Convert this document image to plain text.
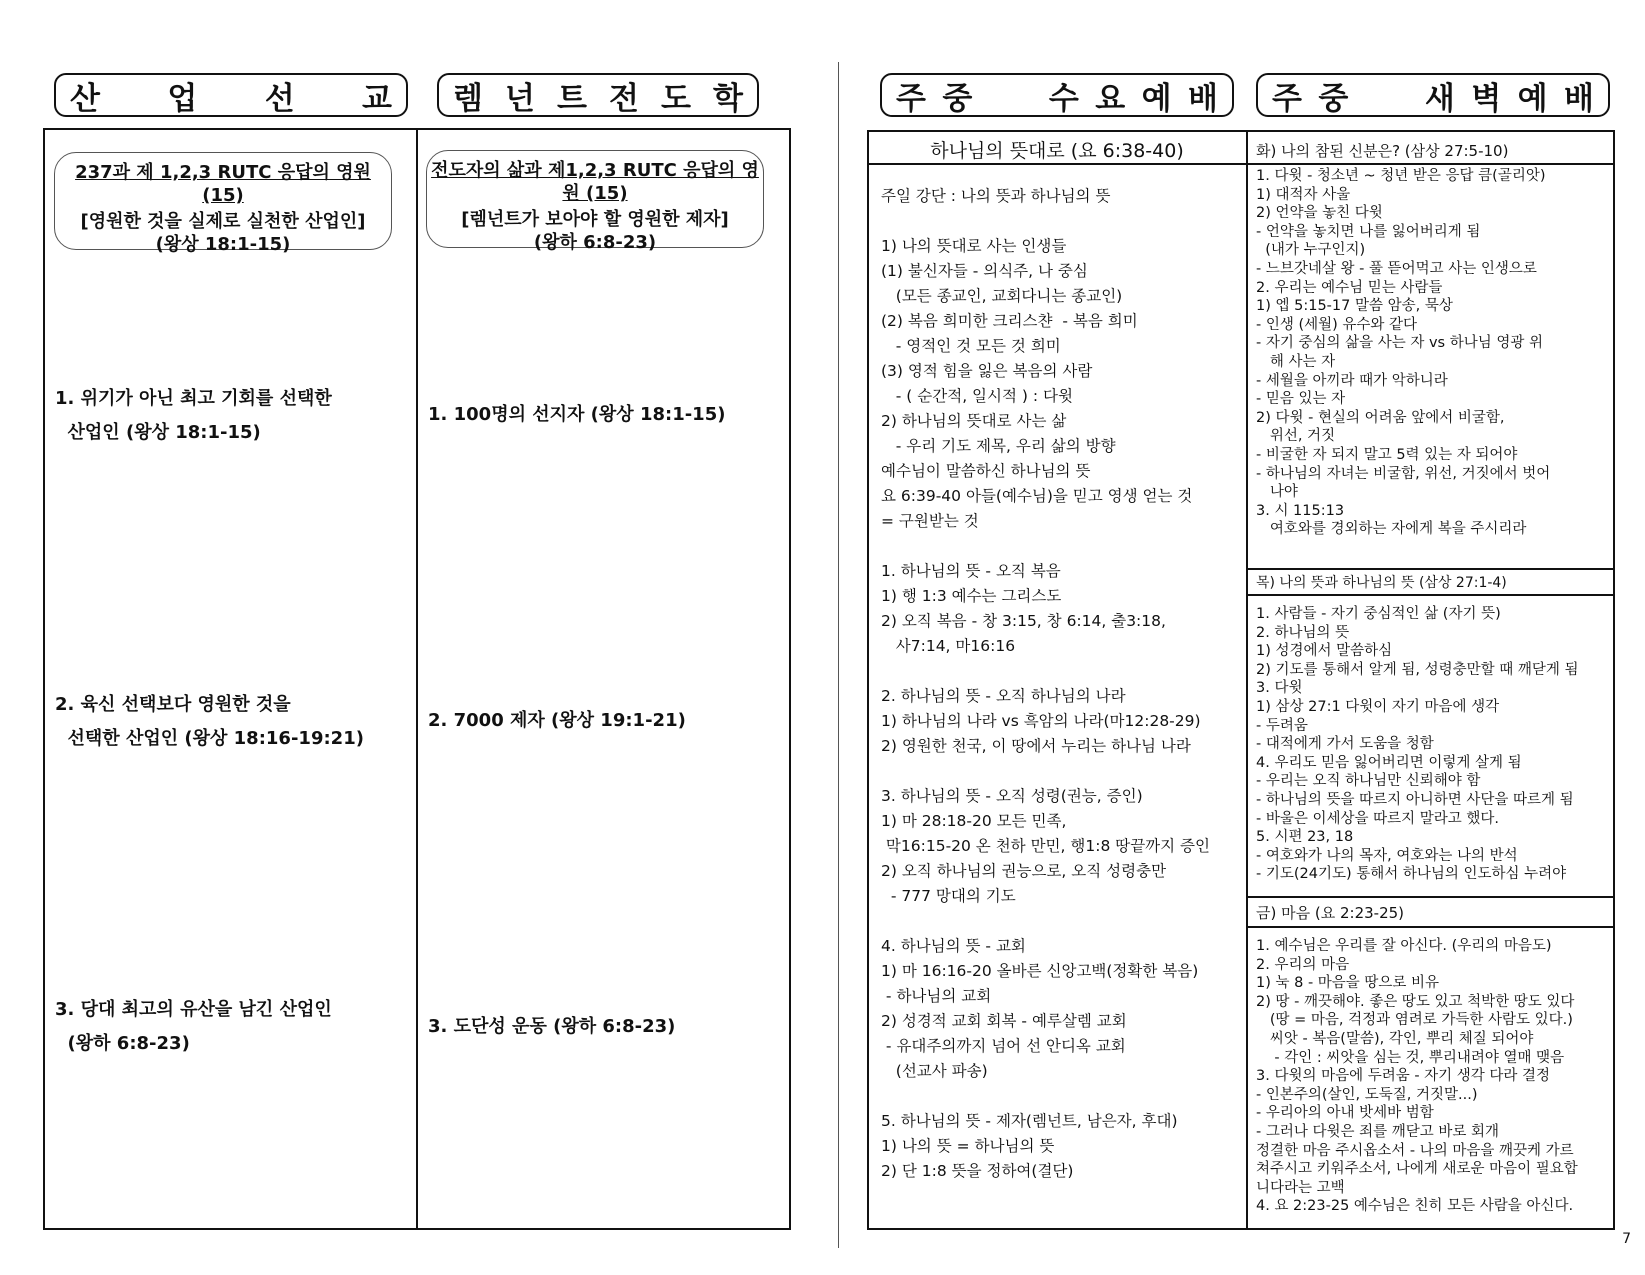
산 업 선 교 렘 넌 트 전 도 학	주 중 수 요 예 배 주 중 새 벽 예 배
237과 제 1,2,3 RUTC 응답의 영원 (15)
[영원한 것을 실제로 실천한 산업인]
(왕상 18:1-15)
전도자의 삶과 제1,2,3 RUTC 응답의 영원 (15)
[렘넌트가 보아야 할 영원한 제자]
(왕하 6:8-23)
1. 위기가 아닌 최고 기회를 선택한
산업인 (왕상 18:1-15)
2. 육신 선택보다 영원한 것을
선택한 산업인 (왕상 18:16-19:21)
3. 당대 최고의 유산을 남긴 산업인
(왕하 6:8-23)
1. 100명의 선지자 (왕상 18:1-15)
2. 7000 제자 (왕상 19:1-21)
3. 도단성 운동 (왕하 6:8-23)
하나님의 뜻대로 (요 6:38-40)
주일 강단 : 나의 뜻과 하나님의 뜻

1) 나의 뜻대로 사는 인생들
(1) 불신자들 - 의식주, 나 중심
(모든 종교인, 교회다니는 종교인)
(2) 복음 희미한 크리스챤  - 복음 희미
- 영적인 것 모든 것 희미
(3) 영적 힘을 잃은 복음의 사람
- ( 순간적, 일시적 ) : 다윗
2) 하나님의 뜻대로 사는 삶
- 우리 기도 제목, 우리 삶의 방향
예수님이 말씀하신 하나님의 뜻
요 6:39-40 아들(예수님)을 믿고 영생 얻는 것
= 구원받는 것

1. 하나님의 뜻 - 오직 복음
1) 행 1:3 예수는 그리스도
2) 오직 복음 - 창 3:15, 창 6:14, 출3:18,
사7:14, 마16:16

2. 하나님의 뜻 - 오직 하나님의 나라
1) 하나님의 나라 vs 흑암의 나라(마12:28-29)
2) 영원한 천국, 이 땅에서 누리는 하나님 나라

3. 하나님의 뜻 - 오직 성령(권능, 증인)
1) 마 28:18-20 모든 민족,
막16:15-20 온 천하 만민, 행1:8 땅끝까지 증인
2) 오직 하나님의 권능으로, 오직 성령충만
- 777 망대의 기도

4. 하나님의 뜻 - 교회
1) 마 16:16-20 올바른 신앙고백(정확한 복음)
- 하나님의 교회
2) 성경적 교회 회복 - 예루살렘 교회
- 유대주의까지 넘어 선 안디옥 교회
(선교사 파송)

5. 하나님의 뜻 - 제자(렘넌트, 남은자, 후대)
1) 나의 뜻 = 하나님의 뜻
2) 단 1:8 뜻을 정하여(결단)
화) 나의 참된 신분은? (삼상 27:5-10)
1. 다윗 - 청소년 ~ 청년 받은 응답 큼(골리앗)
1) 대적자 사울
2) 언약을 놓친 다윗
- 언약을 놓치면 나를 잃어버리게 됨
(내가 누구인지)
- 느브갓네살 왕 - 풀 뜯어먹고 사는 인생으로
2. 우리는 예수님 믿는 사람들
1) 엡 5:15-17 말씀 암송, 묵상
- 인생 (세월) 유수와 같다
- 자기 중심의 삶을 사는 자 vs 하나님 영광 위
해 사는 자
- 세월을 아끼라 때가 악하니라
- 믿음 있는 자
2) 다윗 - 현실의 어려움 앞에서 비굴함,
위선, 거짓
- 비굴한 자 되지 말고 5력 있는 자 되어야
- 하나님의 자녀는 비굴함, 위선, 거짓에서 벗어
나야
3. 시 115:13
여호와를 경외하는 자에게 복을 주시리라
목) 나의 뜻과 하나님의 뜻 (삼상 27:1-4)
1. 사람들 - 자기 중심적인 삶 (자기 뜻)
2. 하나님의 뜻
1) 성경에서 말씀하심
2) 기도를 통해서 알게 됨, 성령충만할 때 깨닫게 됨
3. 다윗
1) 삼상 27:1 다윗이 자기 마음에 생각
- 두려움
- 대적에게 가서 도움을 청함
4. 우리도 믿음 잃어버리면 이렇게 살게 됨
- 우리는 오직 하나님만 신뢰해야 함
- 하나님의 뜻을 따르지 아니하면 사단을 따르게 됨
- 바울은 이세상을 따르지 말라고 했다.
5. 시편 23, 18
- 여호와가 나의 목자, 여호와는 나의 반석
- 기도(24기도) 통해서 하나님의 인도하심 누려야
금) 마음 (요 2:23-25)
1. 예수님은 우리를 잘 아신다. (우리의 마음도)
2. 우리의 마음
1) 눅 8 - 마음을 땅으로 비유
2) 땅 - 깨끗해야. 좋은 땅도 있고 척박한 땅도 있다
(땅 = 마음, 걱정과 염려로 가득한 사람도 있다.)
씨앗 - 복음(말씀), 각인, 뿌리 체질 되어야
- 각인 : 씨앗을 심는 것, 뿌리내려야 열매 맺음
3. 다윗의 마음에 두려움 - 자기 생각 다라 결정
- 인본주의(살인, 도둑질, 거짓말...)
- 우리아의 아내 밧세바 범함
- 그러나 다윗은 죄를 깨닫고 바로 회개
정결한 마음 주시옵소서 - 나의 마음을 깨끗케 가르
쳐주시고 키워주소서, 나에게 새로운 마음이 필요합
니다라는 고백
4. 요 2:23-25 예수님은 친히 모든 사람을 아신다.
7
